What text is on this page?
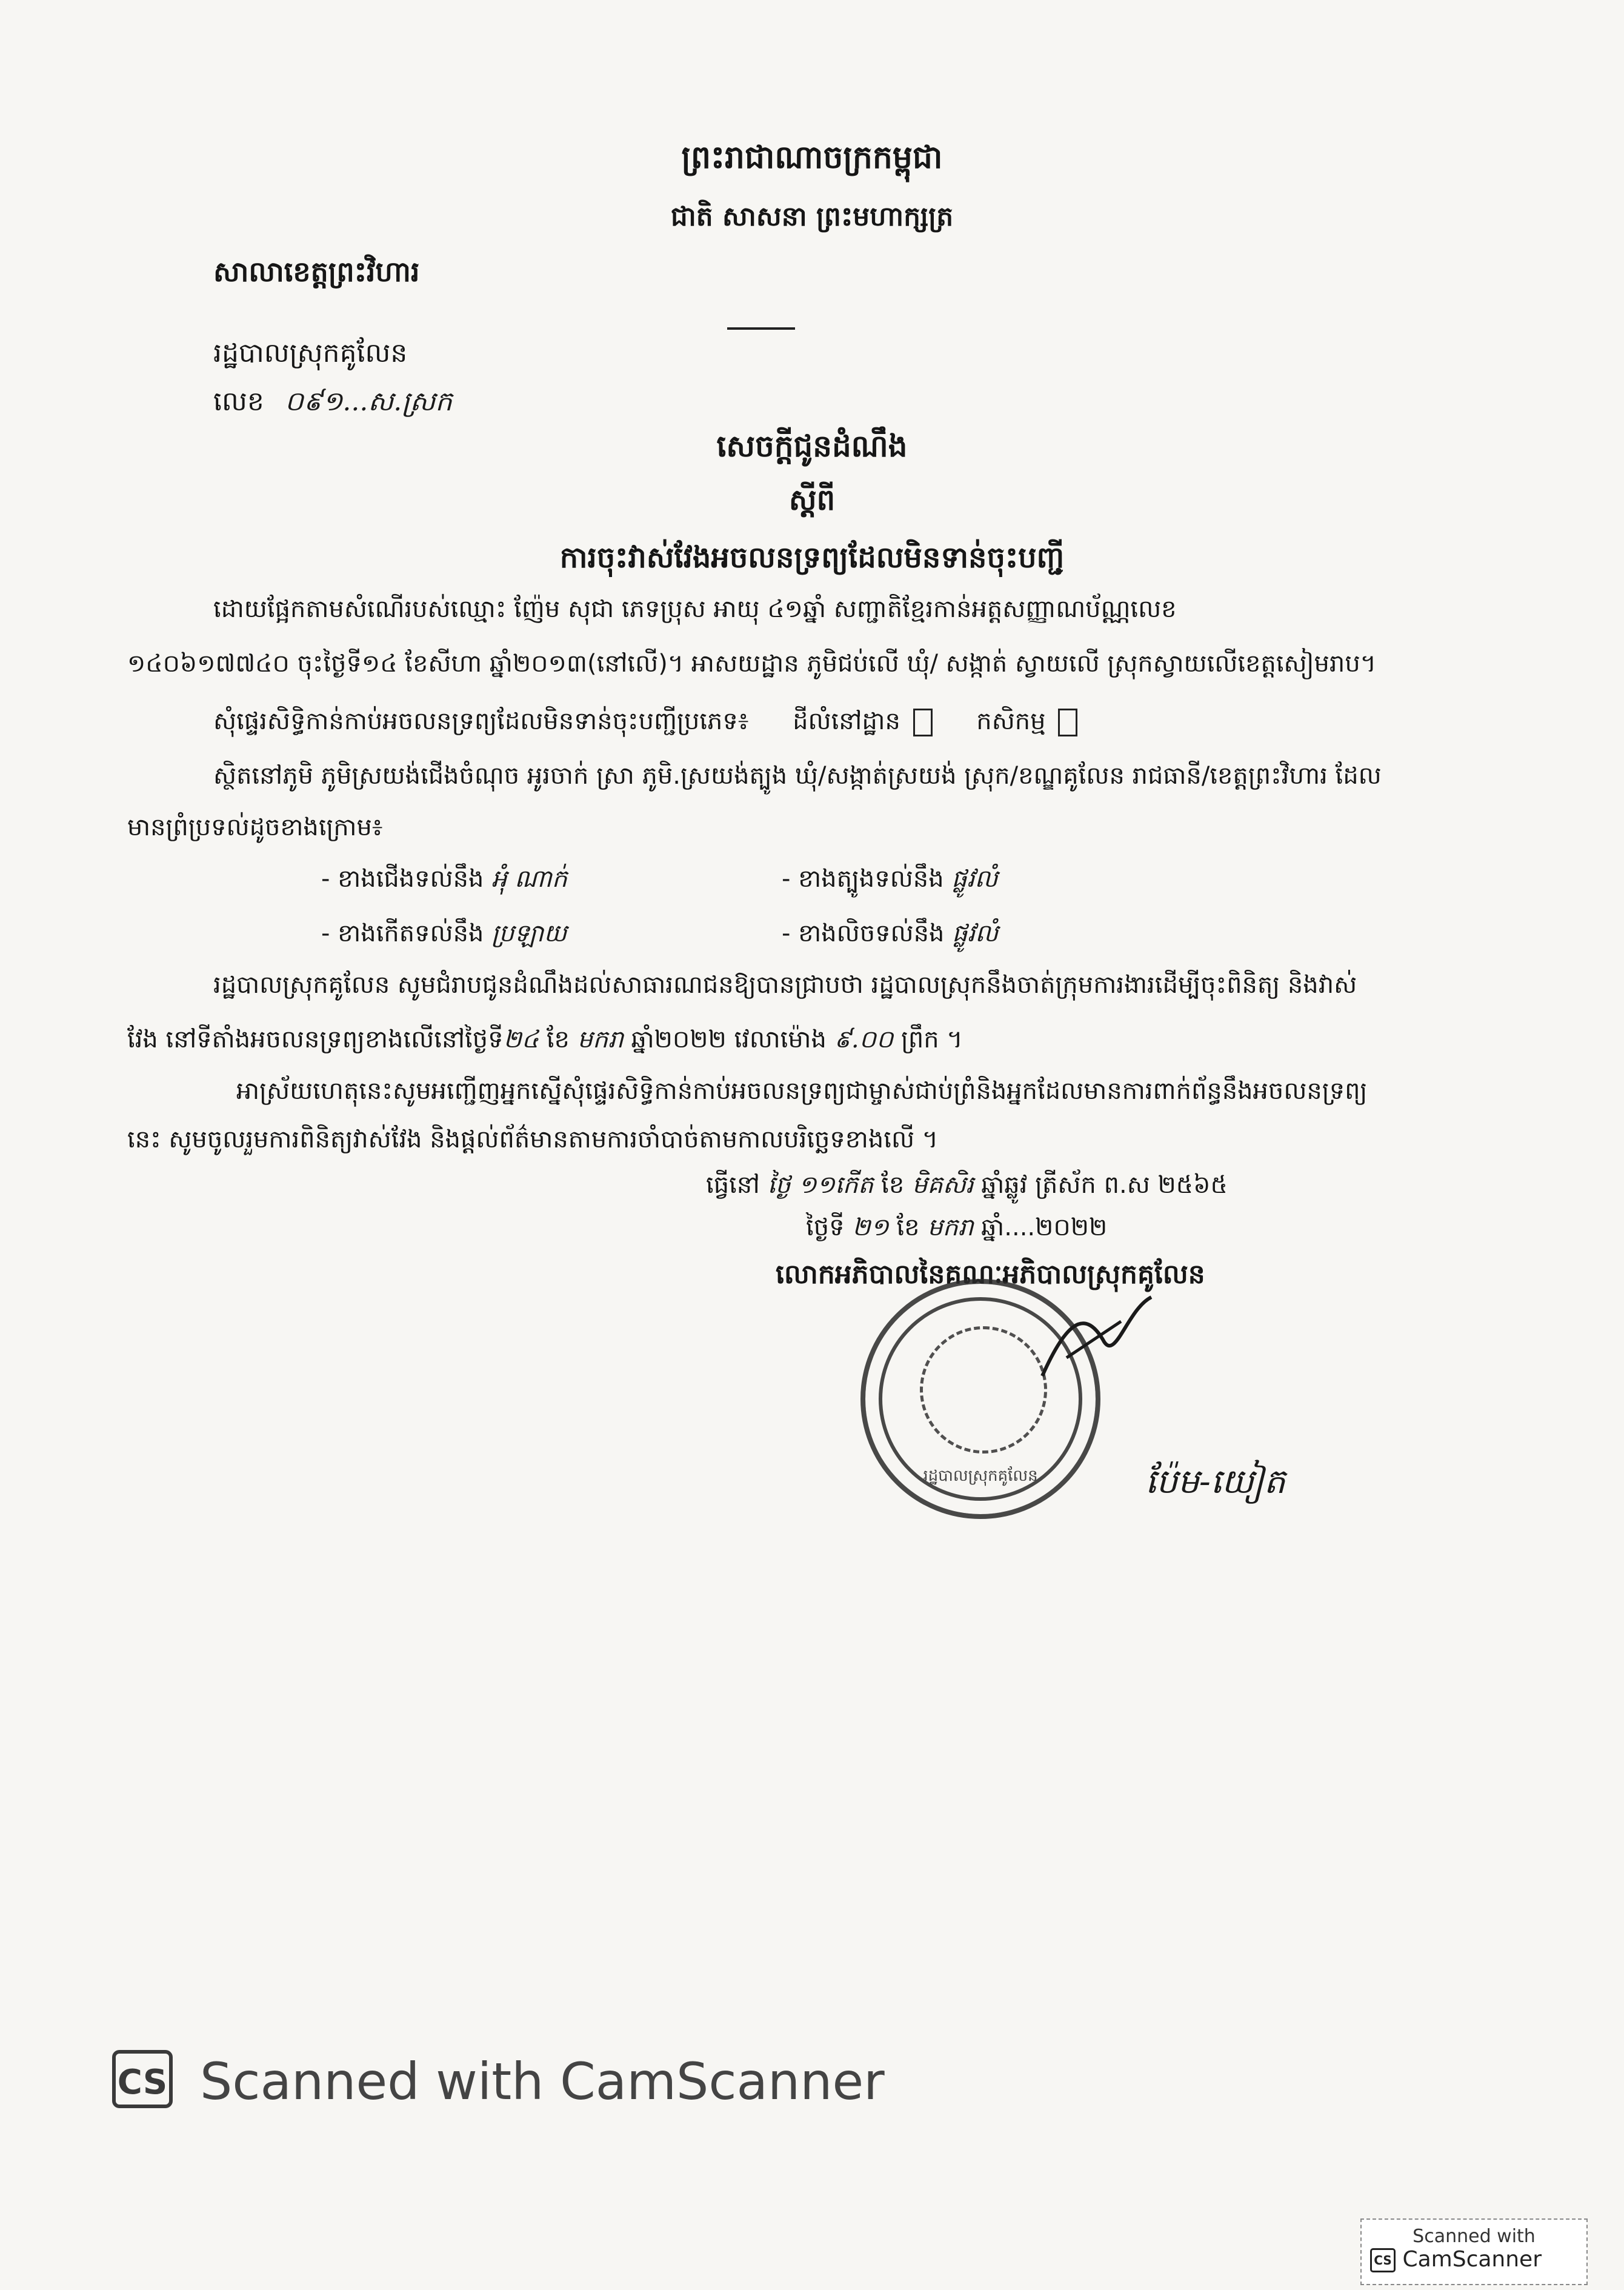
ព្រះរាជាណាចក្រកម្ពុជា
ជាតិ សាសនា ព្រះមហាក្សត្រ
សាលាខេត្តព្រះវិហារ
រដ្ឋបាលស្រុកគូលែន
លេខ ០៩១...ស.ស្រក
សេចក្តីជូនដំណឹង
ស្តីពី
ការចុះវាស់វែងអចលនទ្រព្យដែលមិនទាន់ចុះបញ្ជី
ដោយផ្អែកតាមសំណើរបស់ឈ្មោះ ញ៉ែម សុជា ភេទប្រុស អាយុ ៤១ឆ្នាំ សញ្ជាតិខ្មែរកាន់អត្តសញ្ញាណប័ណ្ណលេខ
១៤០៦១៧៧៤០ ចុះថ្ងៃទី១៤ ខែសីហា ឆ្នាំ២០១៣(នៅលើ)។ អាសយដ្ឋាន ភូមិជប់លើ ឃុំ/ សង្កាត់ ស្វាយលើ ស្រុកស្វាយលើខេត្តសៀមរាប។
សុំផ្ទេរសិទ្ធិកាន់កាប់អចលនទ្រព្យដែលមិនទាន់ចុះបញ្ជីប្រភេទ៖ ដីលំនៅដ្ឋាន	កសិកម្ម
ស្ថិតនៅភូមិ ភូមិស្រយង់ជើងចំណុច អូរចាក់ ស្រា ភូមិ.ស្រយង់ត្បូង ឃុំ/សង្កាត់ស្រយង់ ស្រុក/ខណ្ឌគូលែន រាជធានី/ខេត្តព្រះវិហារ ដែល
មានព្រំប្រទល់ដូចខាងក្រោម៖
- ខាងជើងទល់នឹង អុំ ណាក់	- ខាងត្បូងទល់នឹង ផ្លូវលំ
- ខាងកើតទល់នឹង ប្រឡាយ	- ខាងលិចទល់នឹង ផ្លូវលំ
រដ្ឋបាលស្រុកគូលែន សូមជំរាបជូនដំណឹងដល់សាធារណជនឱ្យបានជ្រាបថា រដ្ឋបាលស្រុកនឹងចាត់ក្រុមការងារដើម្បីចុះពិនិត្យ និងវាស់
វែង នៅទីតាំងអចលនទ្រព្យខាងលើនៅថ្ងៃទី២៤ ខែ មករា ឆ្នាំ២០២២ វេលាម៉ោង ៩.០០ ព្រឹក ។
អាស្រ័យហេតុនេះសូមអញ្ជើញអ្នកស្នើសុំផ្ទេរសិទ្ធិកាន់កាប់អចលនទ្រព្យជាម្ចាស់ជាប់ព្រំនិងអ្នកដែលមានការពាក់ព័ន្ធនឹងអចលនទ្រព្យ
នេះ សូមចូលរួមការពិនិត្យវាស់វែង និងផ្តល់ព័ត៌មានតាមការចាំបាច់តាមកាលបរិច្ឆេទខាងលើ ។
ធ្វើនៅ ថ្ងៃ ១១កើត ខែ មិគសិរ ឆ្នាំឆ្លូវ ត្រីស័ក ព.ស ២៥៦៥
ថ្ងៃទី ២១ ខែ មករា ឆ្នាំ....២០២២
លោកអភិបាលនៃគណៈអភិបាលស្រុកគូលែន
រដ្ឋបាលស្រុកគូលែន	ប៉ែម-យៀត
CS Scanned with CamScanner
Scanned with
CS CamScanner
